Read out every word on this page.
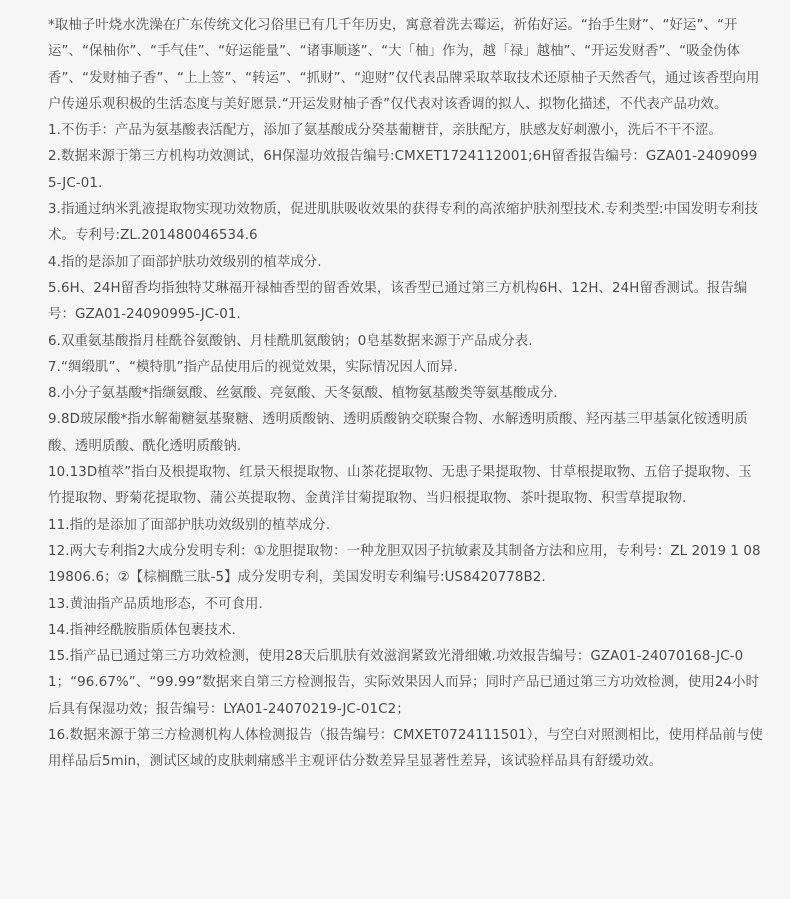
*取柚子叶烧水洗澡在广东传统文化习俗里已有几千年历史，寓意着洗去霉运，祈佑好运。“抬手生财”、“好运”、“开运”、“保柚你”、“手气佳”、“好运能量”、“诸事顺遂”、“大「柚」作为，越「禄」越柚”、“开运发财香”、“吸金伪体香”、“发财柚子香”、“上上签”、“转运”、“抓财”、“迎财”仅代表品牌采取萃取技术还原柚子天然香气，通过该香型向用户传递乐观积极的生活态度与美好愿景.“开运发财柚子香”仅代表对该香调的拟人、拟物化描述，不代表产品功效。

1.不伤手：产品为氨基酸表活配方，添加了氨基酸成分癸基葡糖苷，亲肤配方，肤感友好刺激小，洗后不干不涩。

2.数据来源于第三方机构功效测试，6H保湿功效报告编号:CMXET1724112001;6H留香报告编号：GZA01-24090995-JC-01.

3.指通过纳米乳液提取物实现功效物质，促进肌肤吸收效果的获得专利的高浓缩护肤剂型技术.专利类型:中国发明专利技术。专利号:ZL.201480046534.6

4.指的是添加了面部护肤功效级别的植萃成分.

5.6H、24H留香均指独特艾琳福开禄柚香型的留香效果，该香型已通过第三方机构6H、12H、24H留香测试。报告编号：GZA01-24090995-JC-01.

6.双重氨基酸指月桂酰谷氨酸钠、月桂酰肌氨酸钠；0皂基数据来源于产品成分表.

7.“绸缎肌”、“模特肌”指产品使用后的视觉效果，实际情况因人而异.

8.小分子氨基酸*指缬氨酸、丝氨酸、亮氨酸、天冬氨酸、植物氨基酸类等氨基酸成分.

9.8D玻尿酸*指水解葡糖氨基聚糖、透明质酸钠、透明质酸钠交联聚合物、水解透明质酸、羟丙基三甲基氯化铵透明质酸、透明质酸、酰化透明质酸钠.

10.13D植萃”指白及根提取物、红景天根提取物、山茶花提取物、无患子果提取物、甘草根提取物、五倍子提取物、玉竹提取物、野菊花提取物、蒲公英提取物、金黄洋甘菊提取物、当归根提取物、茶叶提取物、积雪草提取物.

11.指的是添加了面部护肤功效级别的植萃成分.

12.两大专利指2大成分发明专利：①龙胆提取物：一种龙胆双因子抗敏素及其制备方法和应用，专利号：ZL 2019 1 0819806.6；②【棕榈酰三肽-5】成分发明专利，美国发明专利编号:US8420778B2.

13.黄油指产品质地形态，不可食用.

14.指神经酰胺脂质体包裹技术.

15.指产品已通过第三方功效检测，使用28天后肌肤有效滋润紧致光滑细嫩.功效报告编号：GZA01-24070168-JC-01；“96.67%”、“99.99”数据来自第三方检测报告，实际效果因人而异；同时产品已通过第三方功效检测，使用24小时后具有保湿功效；报告编号：LYA01-24070219-JC-01C2；

16.数据来源于第三方检测机构人体检测报告（报告编号：CMXET0724111501），与空白对照测相比，使用样品前与使用样品后5min，测试区域的皮肤刺痛感半主观评估分数差异呈显著性差异，该试验样品具有舒缓功效。
